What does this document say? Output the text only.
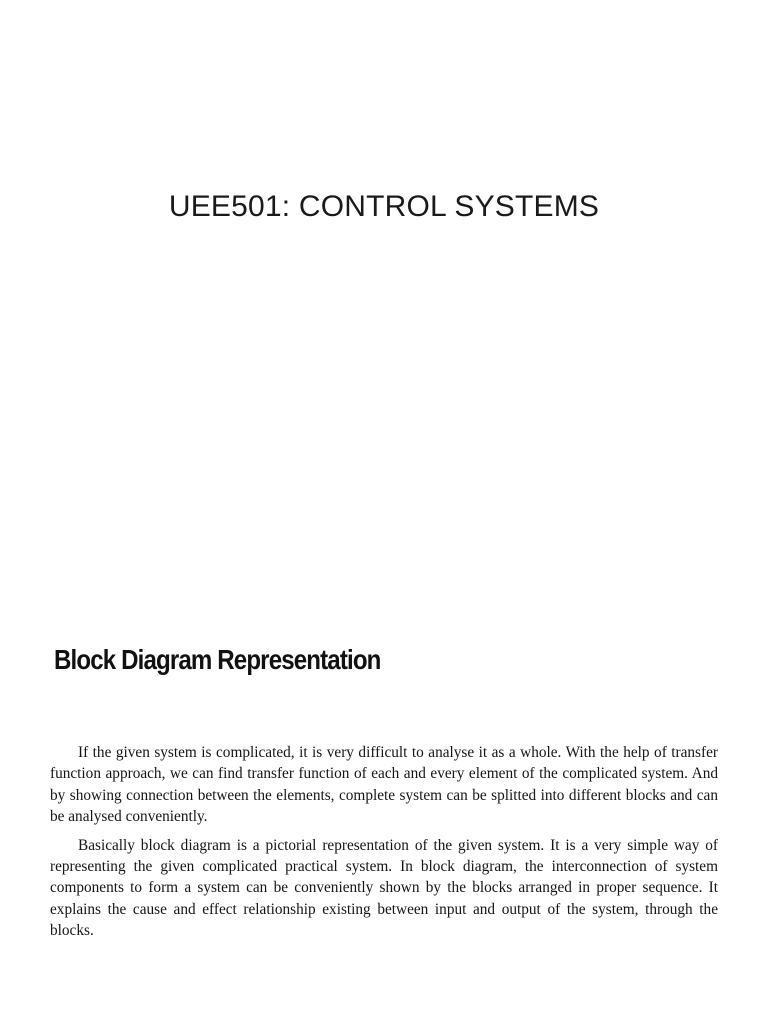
UEE501: CONTROL SYSTEMS
Block Diagram Representation

If the given system is complicated, it is very difficult to analyse it as a whole. With the help of transfer function approach, we can find transfer function of each and every element of the complicated system. And by showing connection between the elements, complete system can be splitted into different blocks and can be analysed conveniently.

Basically block diagram is a pictorial representation of the given system. It is a very simple way of representing the given complicated practical system. In block diagram, the interconnection of system components to form a system can be conveniently shown by the blocks arranged in proper sequence. It explains the cause and effect relationship existing between input and output of the system, through the blocks.
